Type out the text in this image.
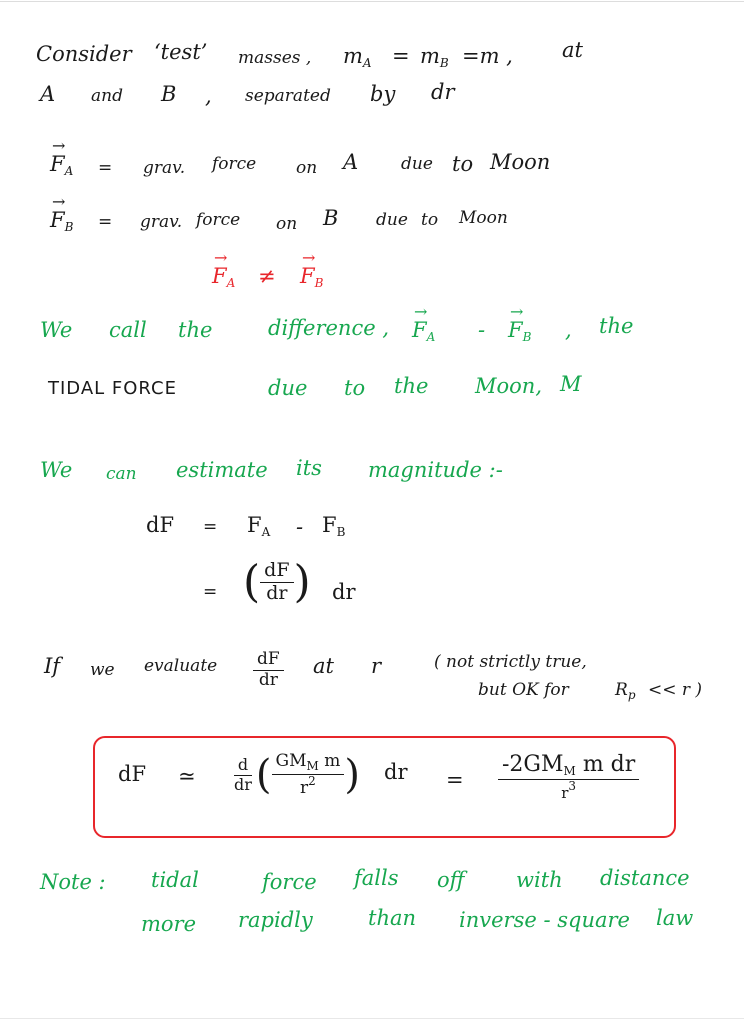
Consider ‘test’ masses , $m_A = m_B =m$ , at
A and B , separated by dr
→ $F_A$ = grav. force on A	due to Moon
→ $F_B$ = grav. force on B due to Moon
→ $F_A$ ≠ → $F_B$
We call the	difference , → $F_A$ - → $F_B$ , the
TIDAL FORCE	due to the Moon, M
We can estimate its magnitude :-
dF = $F_A - F_B$
= ( $\frac{dF}{dr}$ ) dr
If we evaluate $\frac{dF}{dr}$ at r	( not strictly true,
but OK for	$R_p << r$ )
dF ≃ $\frac{d}{dr}$ ( $\frac{GM_M m}{r^2}$ ) dr = $\frac{-2GM_M m dr}{r^3}$
Note : tidal	force falls off with distance
more rapidly	than inverse - square law
